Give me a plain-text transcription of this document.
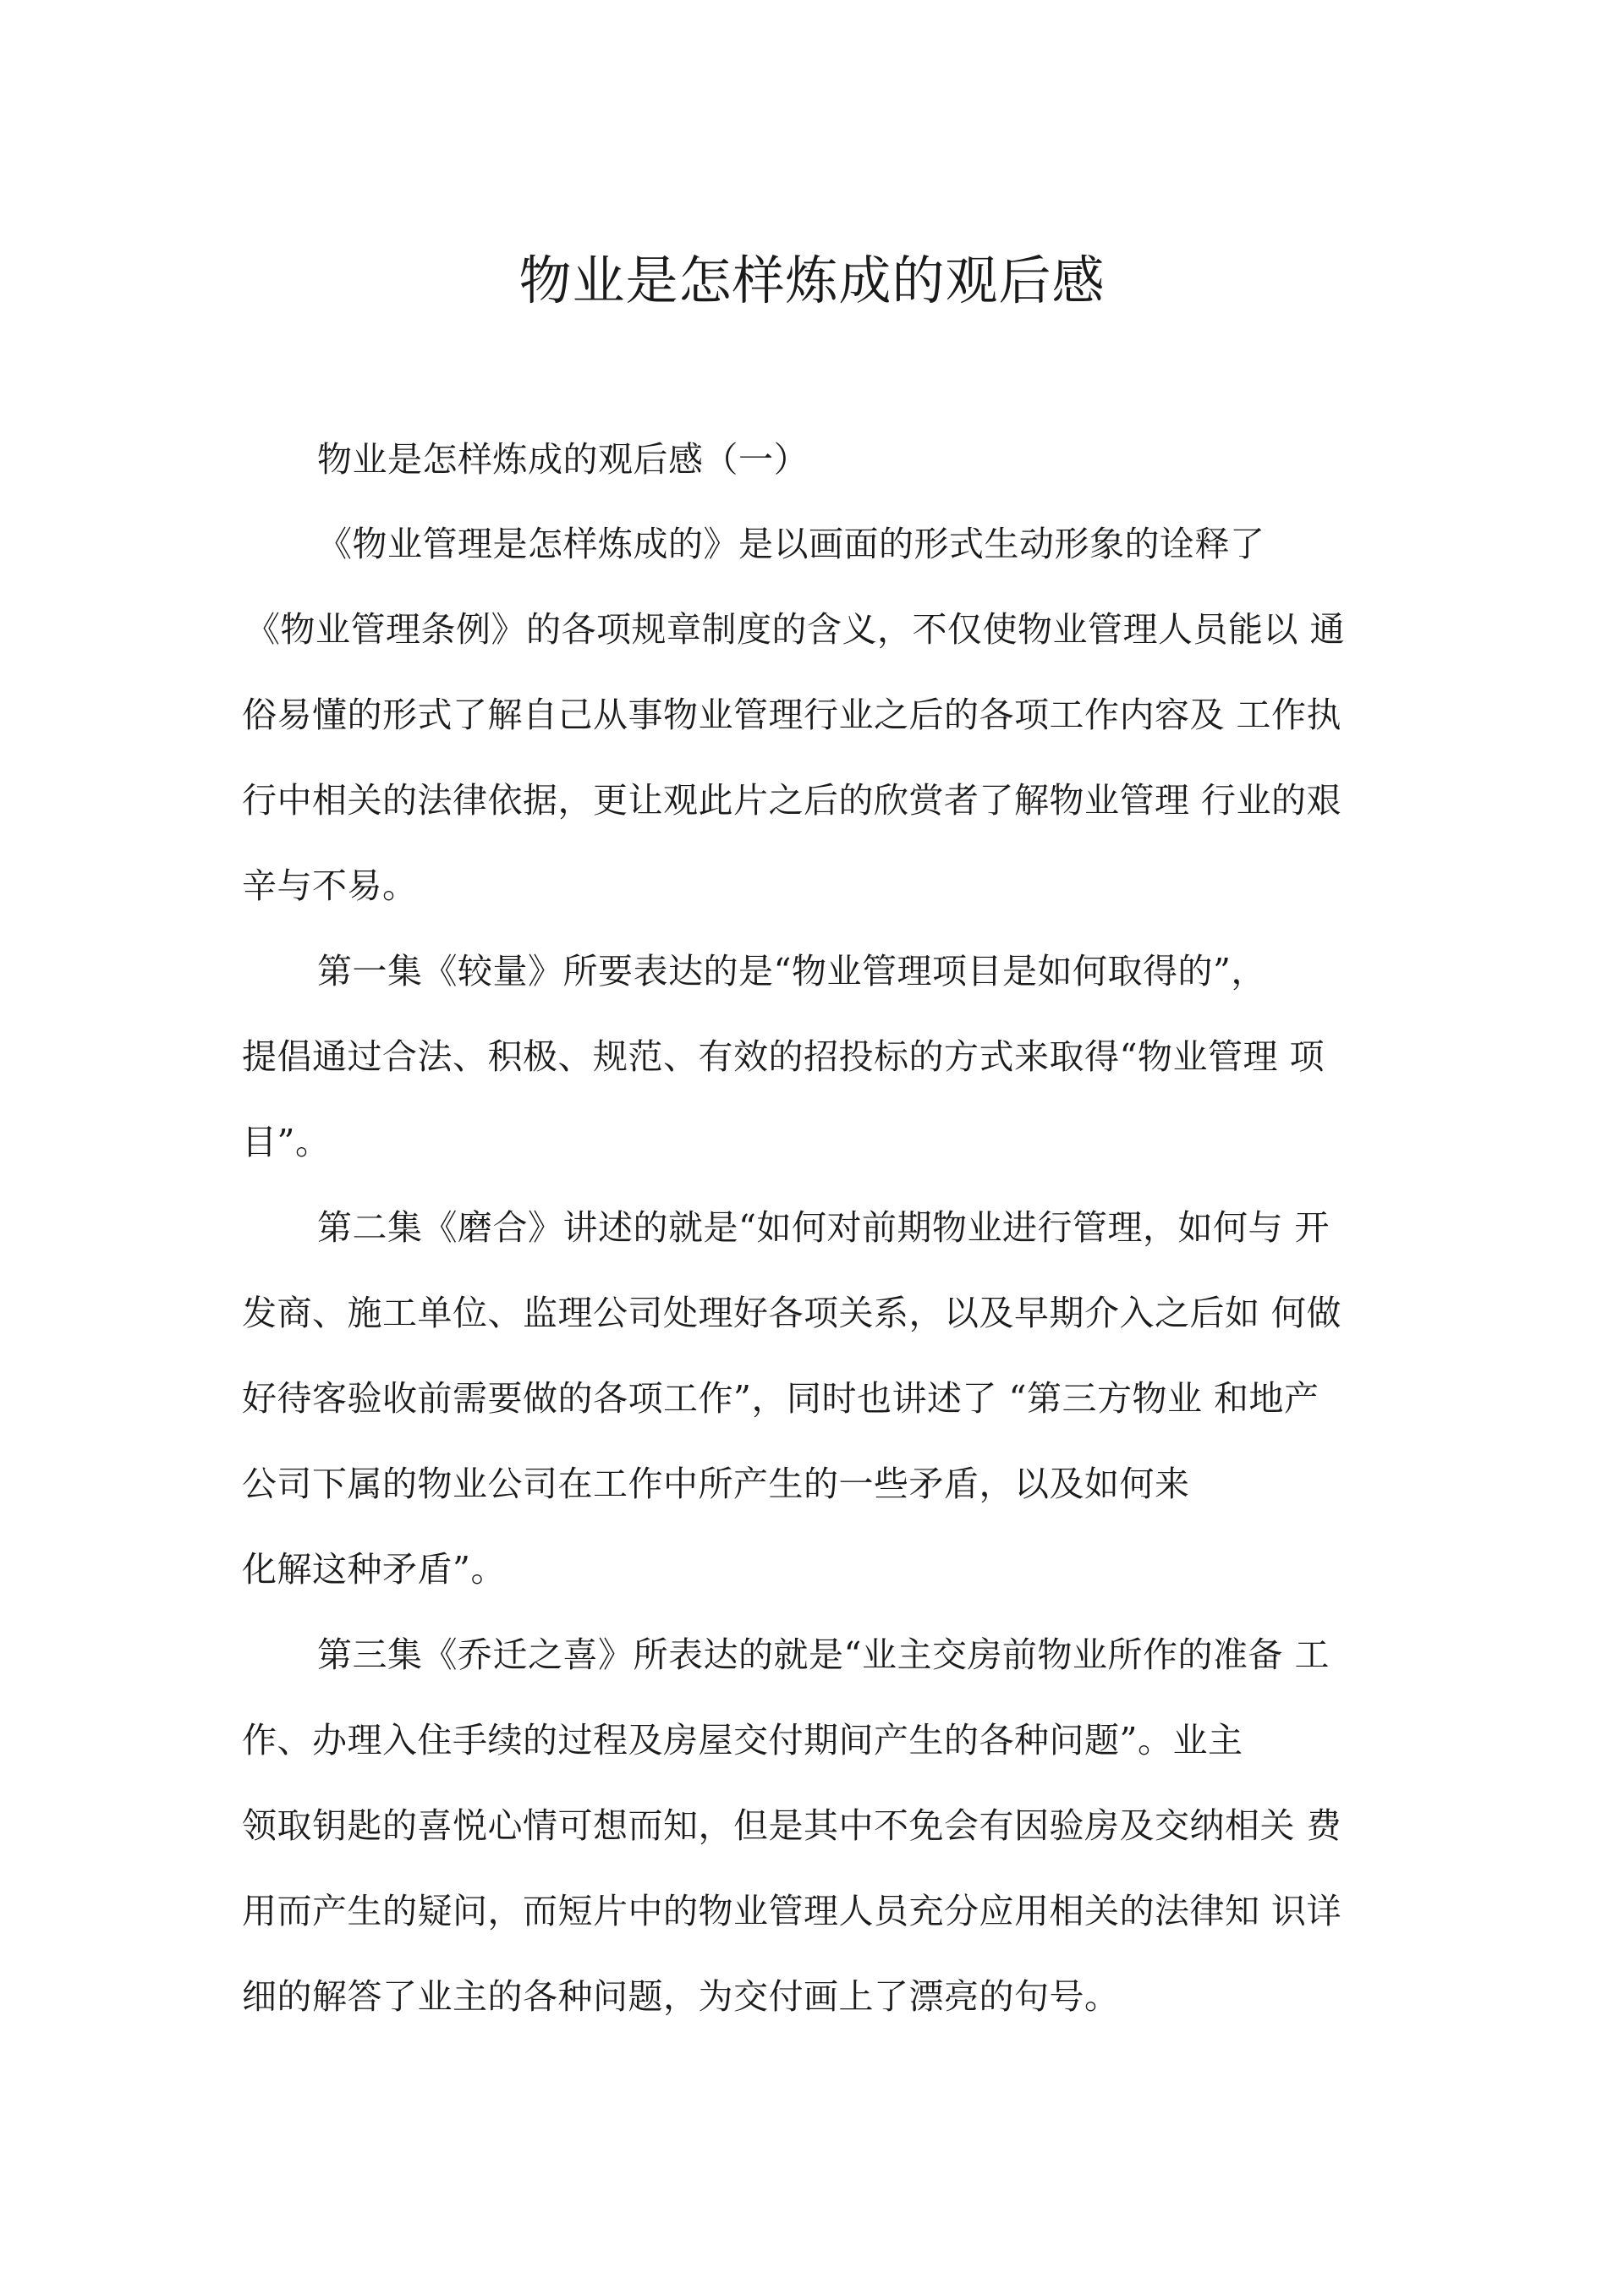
物业是怎样炼成的观后感
物业是怎样炼成的观后感（一）
《物业管理是怎样炼成的》是以画面的形式生动形象的诠释了
《物业管理条例》的各项规章制度的含义，不仅使物业管理人员能以 通
俗易懂的形式了解自己从事物业管理行业之后的各项工作内容及 工作执
行中相关的法律依据，更让观此片之后的欣赏者了解物业管理 行业的艰
辛与不易。
第一集《较量》所要表达的是“物业管理项目是如何取得的”，
提倡通过合法、积极、规范、有效的招投标的方式来取得“物业管理 项
目”。
第二集《磨合》讲述的就是“如何对前期物业进行管理，如何与 开
发商、施工单位、监理公司处理好各项关系，以及早期介入之后如 何做
好待客验收前需要做的各项工作”，同时也讲述了 “第三方物业 和地产
公司下属的物业公司在工作中所产生的一些矛盾，以及如何来
化解这种矛盾”。
第三集《乔迁之喜》所表达的就是“业主交房前物业所作的准备 工
作、办理入住手续的过程及房屋交付期间产生的各种问题”。业主
领取钥匙的喜悦心情可想而知，但是其中不免会有因验房及交纳相关 费
用而产生的疑问，而短片中的物业管理人员充分应用相关的法律知 识详
细的解答了业主的各种问题，为交付画上了漂亮的句号。
